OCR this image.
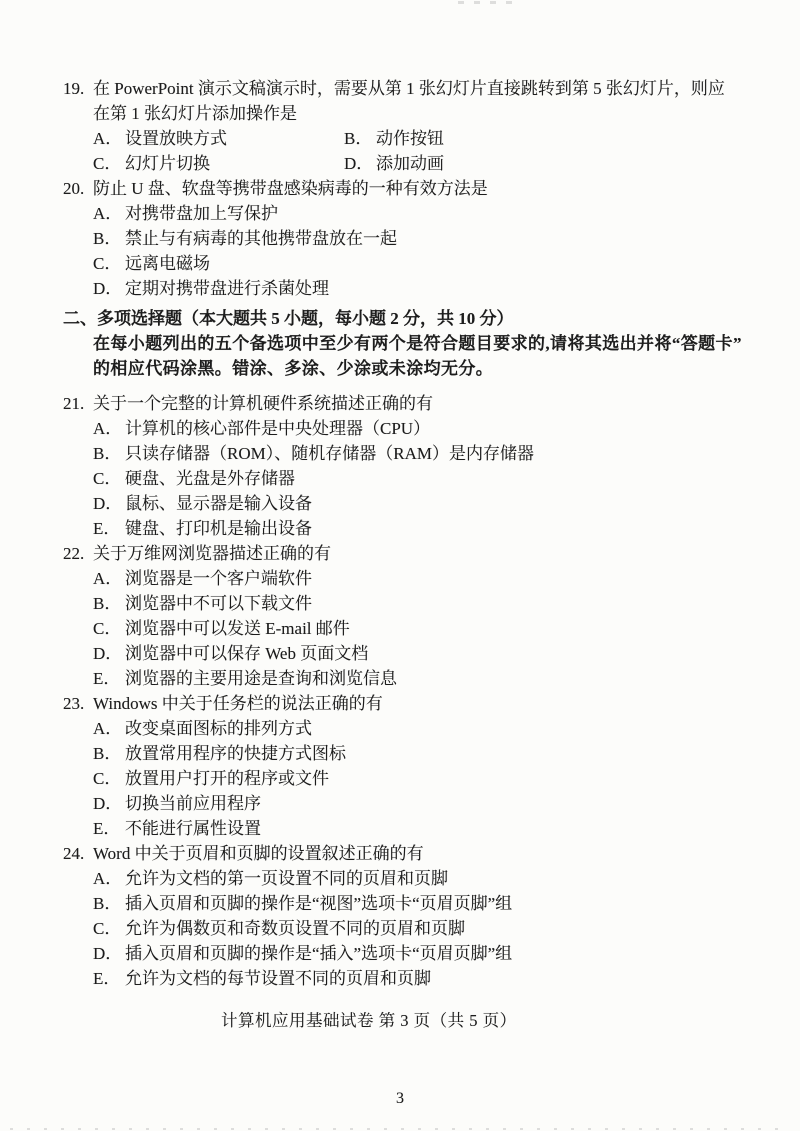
19. 在 PowerPoint 演示文稿演示时，需要从第 1 张幻灯片直接跳转到第 5 张幻灯片，则应
在第 1 张幻灯片添加操作是
A． 设置放映方式	B． 动作按钮
C． 幻灯片切换	D． 添加动画
20. 防止 U 盘、软盘等携带盘感染病毒的一种有效方法是
A． 对携带盘加上写保护
B． 禁止与有病毒的其他携带盘放在一起
C． 远离电磁场
D． 定期对携带盘进行杀菌处理
二、多项选择题（本大题共 5 小题，每小题 2 分，共 10 分）
在每小题列出的五个备选项中至少有两个是符合题目要求的,请将其选出并将“答题卡”
的相应代码涂黑。错涂、多涂、少涂或未涂均无分。
21. 关于一个完整的计算机硬件系统描述正确的有
A． 计算机的核心部件是中央处理器（CPU）
B． 只读存储器（ROM）、随机存储器（RAM）是内存储器
C． 硬盘、光盘是外存储器
D． 鼠标、显示器是输入设备
E． 键盘、打印机是输出设备
22. 关于万维网浏览器描述正确的有
A． 浏览器是一个客户端软件
B． 浏览器中不可以下载文件
C． 浏览器中可以发送 E-mail 邮件
D． 浏览器中可以保存 Web 页面文档
E． 浏览器的主要用途是查询和浏览信息
23. Windows 中关于任务栏的说法正确的有
A． 改变桌面图标的排列方式
B． 放置常用程序的快捷方式图标
C． 放置用户打开的程序或文件
D． 切换当前应用程序
E． 不能进行属性设置
24. Word 中关于页眉和页脚的设置叙述正确的有
A． 允许为文档的第一页设置不同的页眉和页脚
B． 插入页眉和页脚的操作是“视图”选项卡“页眉页脚”组
C． 允许为偶数页和奇数页设置不同的页眉和页脚
D． 插入页眉和页脚的操作是“插入”选项卡“页眉页脚”组
E． 允许为文档的每节设置不同的页眉和页脚
计算机应用基础试卷 第 3 页（共 5 页）
3
